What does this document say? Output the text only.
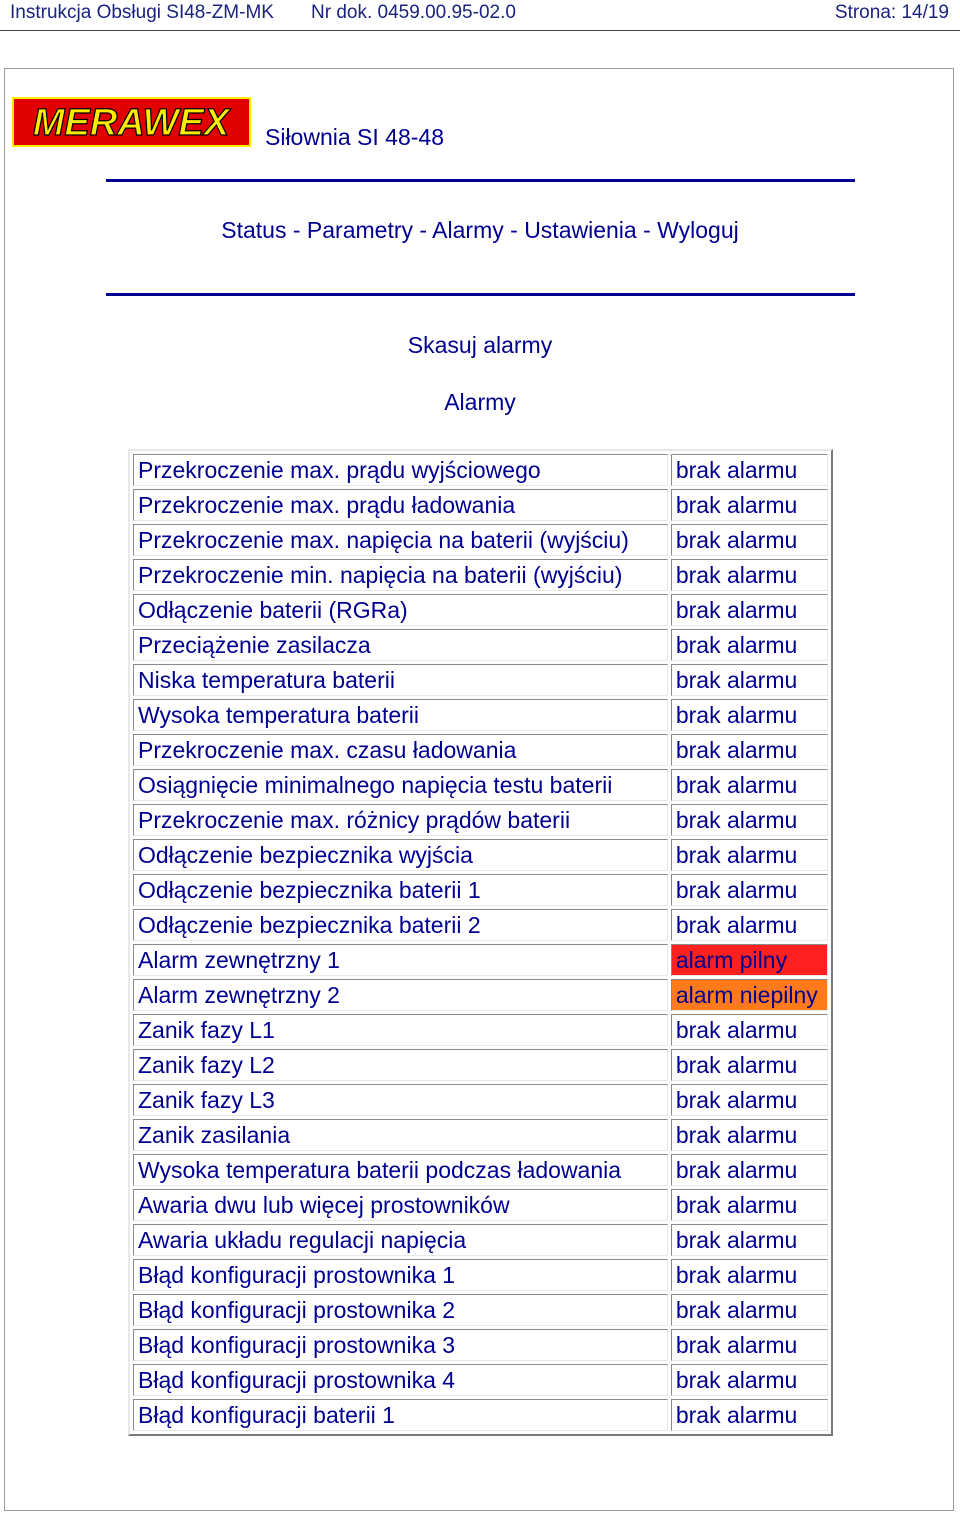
Instrukcja Obsługi SI48-ZM-MK Nr dok. 0459.00.95-02.0	Strona: 14/19
MERAWEX Siłownia SI 48-48
Status - Parametry - Alarmy - Ustawienia - Wyloguj
Skasuj alarmy
Alarmy
Przekroczenie max. prądu wyjściowego	brak alarmu
Przekroczenie max. prądu ładowania	brak alarmu
Przekroczenie max. napięcia na baterii (wyjściu)	brak alarmu
Przekroczenie min. napięcia na baterii (wyjściu)	brak alarmu
Odłączenie baterii (RGRa)	brak alarmu
Przeciążenie zasilacza	brak alarmu
Niska temperatura baterii	brak alarmu
Wysoka temperatura baterii	brak alarmu
Przekroczenie max. czasu ładowania	brak alarmu
Osiągnięcie minimalnego napięcia testu baterii	brak alarmu
Przekroczenie max. różnicy prądów baterii	brak alarmu
Odłączenie bezpiecznika wyjścia	brak alarmu
Odłączenie bezpiecznika baterii 1	brak alarmu
Odłączenie bezpiecznika baterii 2	brak alarmu
Alarm zewnętrzny 1	alarm pilny
Alarm zewnętrzny 2	alarm niepilny
Zanik fazy L1	brak alarmu
Zanik fazy L2	brak alarmu
Zanik fazy L3	brak alarmu
Zanik zasilania	brak alarmu
Wysoka temperatura baterii podczas ładowania	brak alarmu
Awaria dwu lub więcej prostowników	brak alarmu
Awaria układu regulacji napięcia	brak alarmu
Błąd konfiguracji prostownika 1	brak alarmu
Błąd konfiguracji prostownika 2	brak alarmu
Błąd konfiguracji prostownika 3	brak alarmu
Błąd konfiguracji prostownika 4	brak alarmu
Błąd konfiguracji baterii 1	brak alarmu
